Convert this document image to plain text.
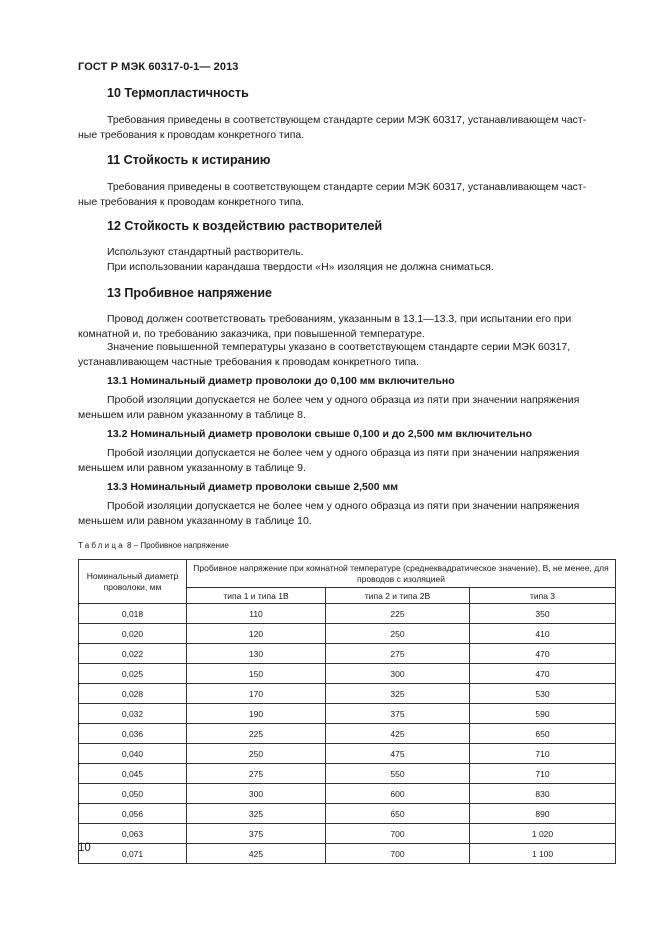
ГОСТ Р МЭК 60317-0-1— 2013
10 Термопластичность
Требования приведены в соответствующем стандарте серии МЭК 60317, устанавливающем част-
ные требования к проводам конкретного типа.
11 Стойкость к истиранию
Требования приведены в соответствующем стандарте серии МЭК 60317, устанавливающем част-
ные требования к проводам конкретного типа.
12 Стойкость к воздействию растворителей
Используют стандартный растворитель.
При использовании карандаша твердости «Н» изоляция не должна сниматься.
13 Пробивное напряжение
Провод должен соответствовать требованиям, указанным в 13.1—13.3, при испытании его при
комнатной и, по требованию заказчика, при повышенной температуре.
Значение повышенной температуры указано в соответствующем стандарте серии МЭК 60317,
устанавливающем частные требования к проводам конкретного типа.
13.1 Номинальный диаметр проволоки до 0,100 мм включительно
Пробой изоляции допускается не более чем у одного образца из пяти при значении напряжения
меньшем или равном указанному в таблице 8.
13.2 Номинальный диаметр проволоки свыше 0,100 и до 2,500 мм включительно
Пробой изоляции допускается не более чем у одного образца из пяти при значении напряжения
меньшем или равном указанному в таблице 9.
13.3 Номинальный диаметр проволоки свыше 2,500 мм
Пробой изоляции допускается не более чем у одного образца из пяти при значении напряжения
меньшем или равном указанному в таблице 10.
Таблица 8 – Пробивное напряжение
Номинальный диаметр проволоки, мм	Пробивное напряжение при комнатной температуре (среднеквадратическое значение), В, не менее, для проводов с изоляцией		
	типа 1 и типа 1В	типа 2 и типа 2В	типа 3
0,018	110	225	350
0,020	120	250	410
0,022	130	275	470
0,025	150	300	470
0,028	170	325	530
0,032	190	375	590
0,036	225	425	650
0,040	250	475	710
0,045	275	550	710
0,050	300	600	830
0,056	325	650	890
0,063	375	700	1 020
0,071	425	700	1 100
10
